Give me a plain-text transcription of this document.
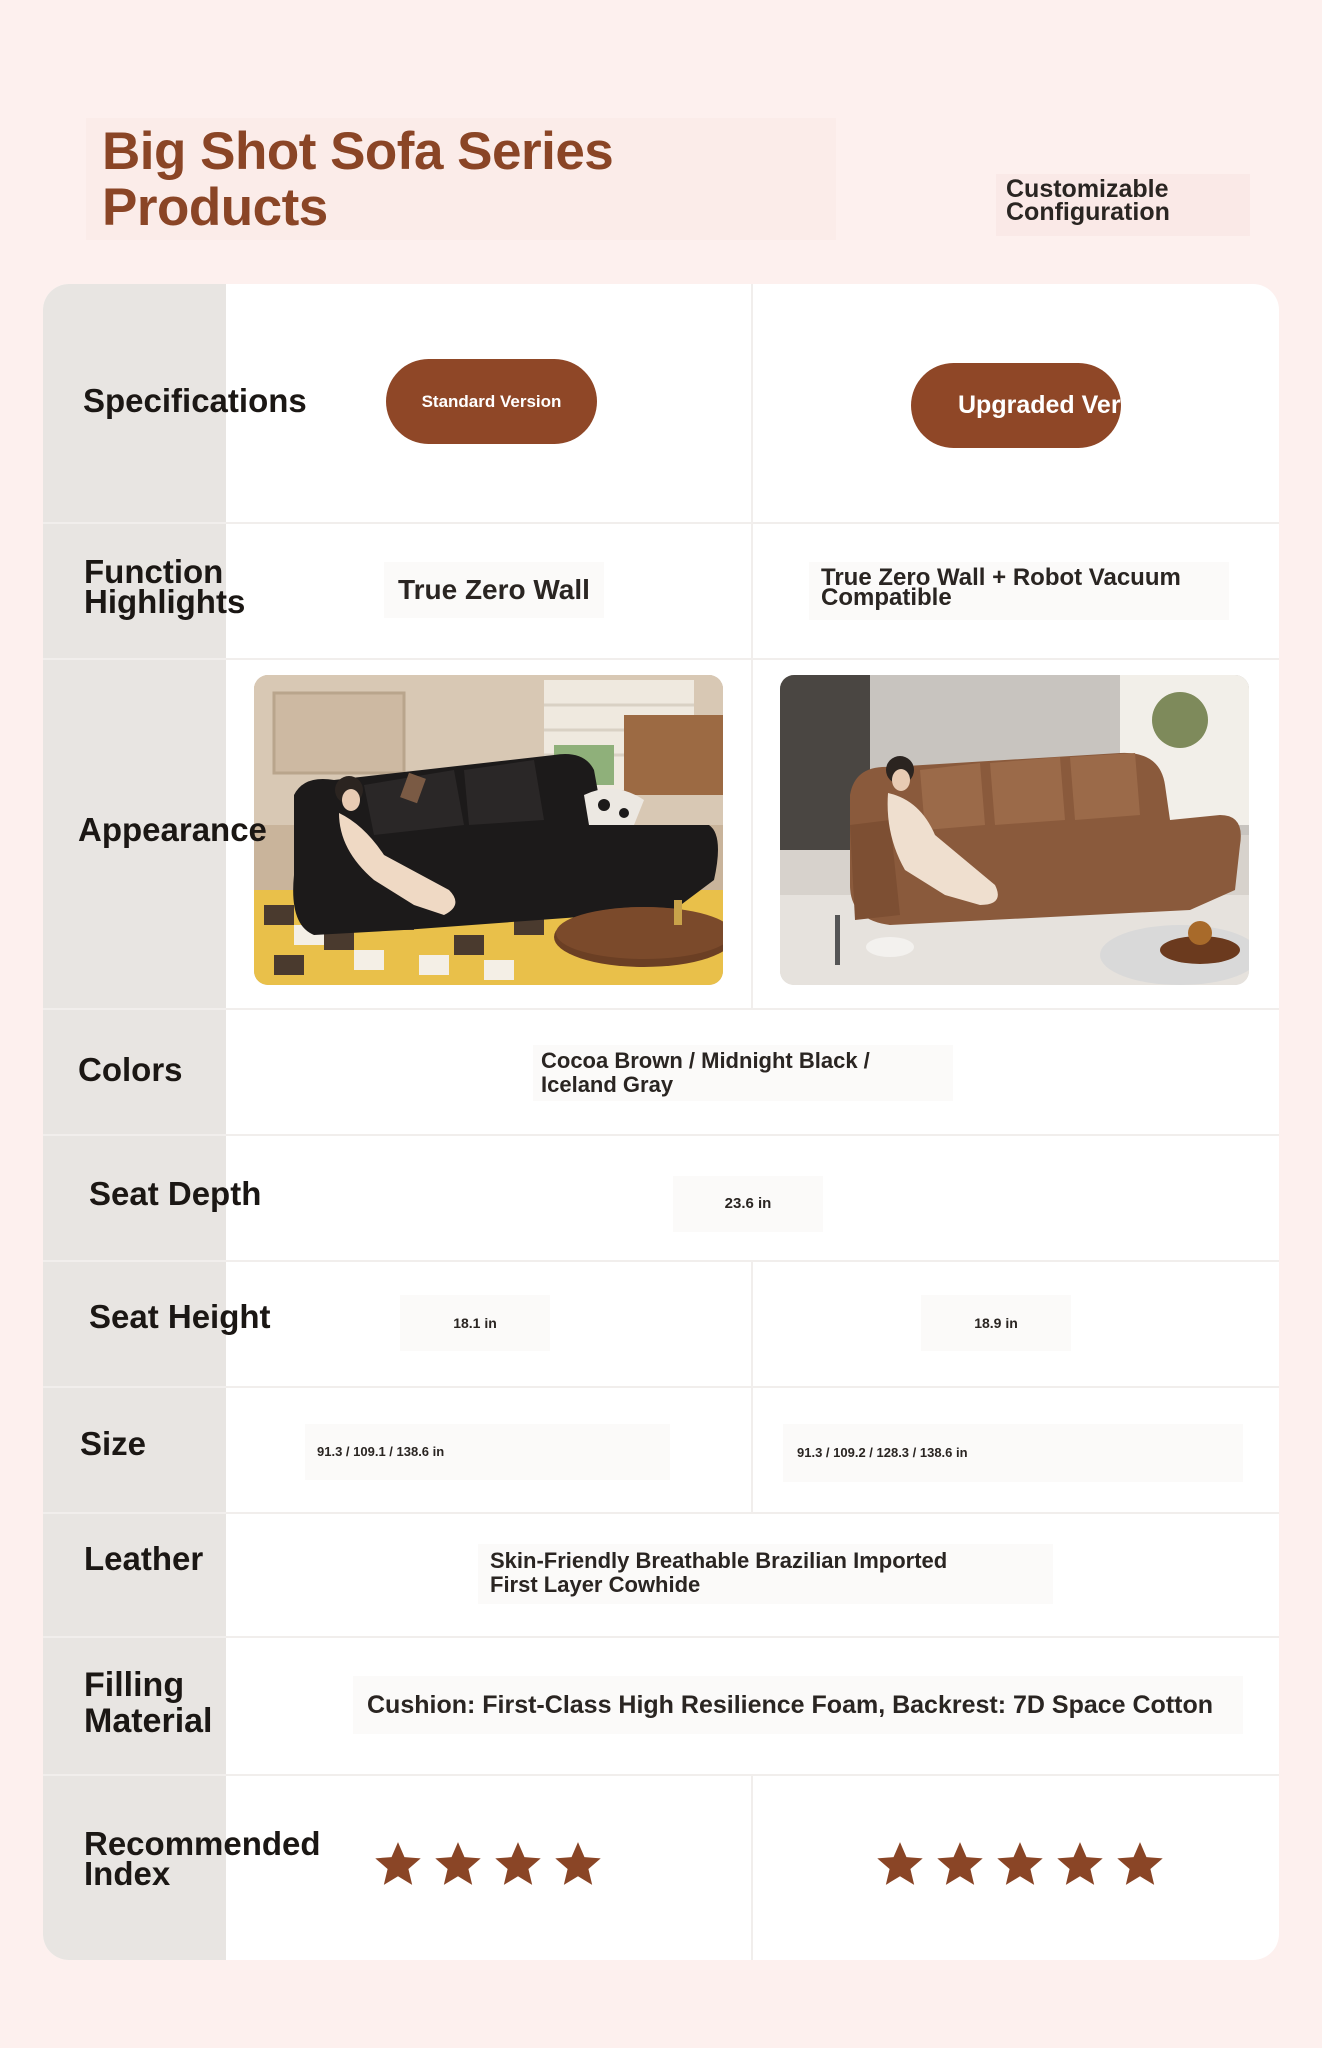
Big Shot Sofa Series
Products	Customizable
Configuration
Specifications	Standard Version	Upgraded Version
Function
Highlights	True Zero Wall	True Zero Wall + Robot Vacuum
Compatible
Appearance
Colors	Cocoa Brown / Midnight Black /
Iceland Gray
Seat Depth	23.6 in
Seat Height	18.1 in	18.9 in
Size	91.3 / 109.1 / 138.6 in	91.3 / 109.2 / 128.3 / 138.6 in
Leather	Skin-Friendly Breathable Brazilian Imported
First Layer Cowhide
Filling
Material	Cushion: First-Class High Resilience Foam, Backrest: 7D Space Cotton
Recommended
Index
